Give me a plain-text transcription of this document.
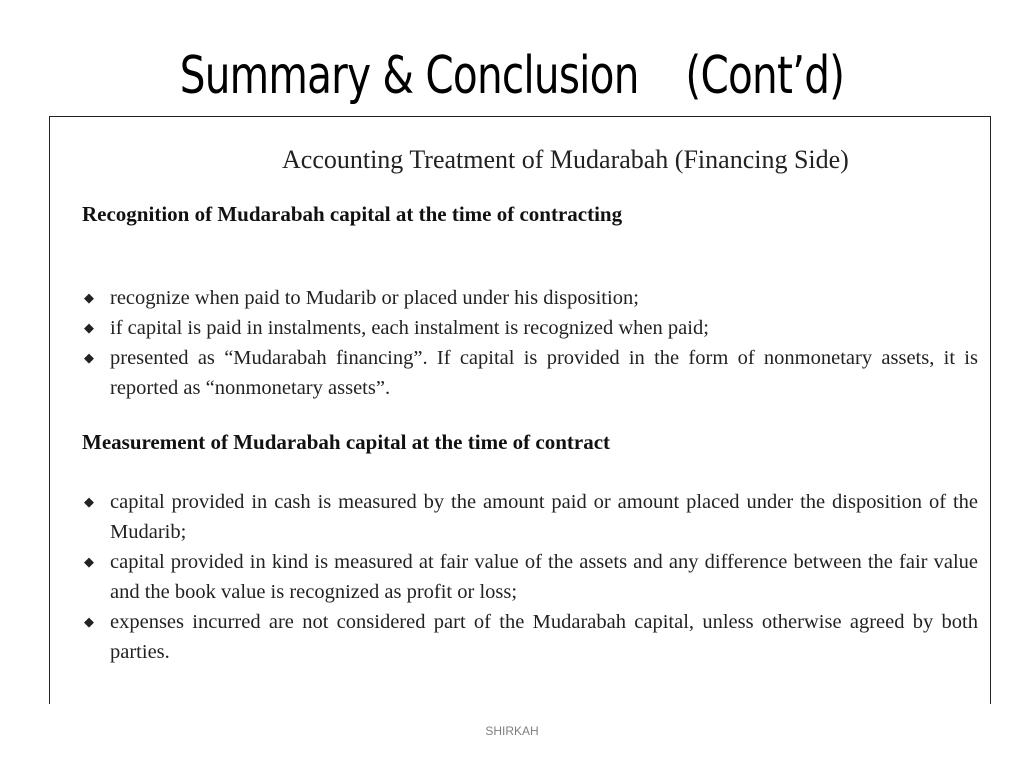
Summary & Conclusion (Cont’d)
Accounting Treatment of Mudarabah (Financing Side)
Recognition of Mudarabah capital at the time of contracting
◆ recognize when paid to Mudarib or placed under his disposition;
◆ if capital is paid in instalments, each instalment is recognized when paid;
◆ presented as “Mudarabah financing”. If capital is provided in the form of nonmonetary assets, it is reported as “nonmonetary assets”.
Measurement of Mudarabah capital at the time of contract
◆ capital provided in cash is measured by the amount paid or amount placed under the disposition of the Mudarib;
◆ capital provided in kind is measured at fair value of the assets and any difference between the fair value and the book value is recognized as profit or loss;
◆ expenses incurred are not considered part of the Mudarabah capital, unless otherwise agreed by both parties.
SHIRKAH
